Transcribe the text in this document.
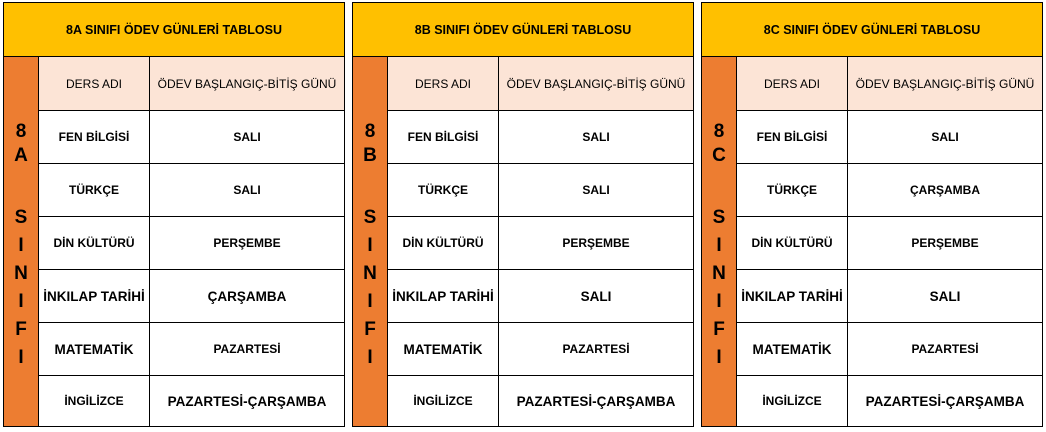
8A SINIFI ÖDEV GÜNLERİ TABLOSU
8
A
S
I
N
I
F
I
DERS ADI	ÖDEV BAŞLANGIÇ-BİTİŞ GÜNÜ
FEN BİLGİSİ	SALI
TÜRKÇE	SALI
DİN KÜLTÜRÜ	PERŞEMBE
İNKILAP TARİHİ	ÇARŞAMBA
MATEMATİK	PAZARTESİ
İNGİLİZCE	PAZARTESİ-ÇARŞAMBA
8B SINIFI ÖDEV GÜNLERİ TABLOSU
8
B
S
I
N
I
F
I
DERS ADI	ÖDEV BAŞLANGIÇ-BİTİŞ GÜNÜ
FEN BİLGİSİ	SALI
TÜRKÇE	SALI
DİN KÜLTÜRÜ	PERŞEMBE
İNKILAP TARİHİ	SALI
MATEMATİK	PAZARTESİ
İNGİLİZCE	PAZARTESİ-ÇARŞAMBA
8C SINIFI ÖDEV GÜNLERİ TABLOSU
8
C
S
I
N
I
F
I
DERS ADI	ÖDEV BAŞLANGIÇ-BİTİŞ GÜNÜ
FEN BİLGİSİ	SALI
TÜRKÇE	ÇARŞAMBA
DİN KÜLTÜRÜ	PERŞEMBE
İNKILAP TARİHİ	SALI
MATEMATİK	PAZARTESİ
İNGİLİZCE	PAZARTESİ-ÇARŞAMBA
